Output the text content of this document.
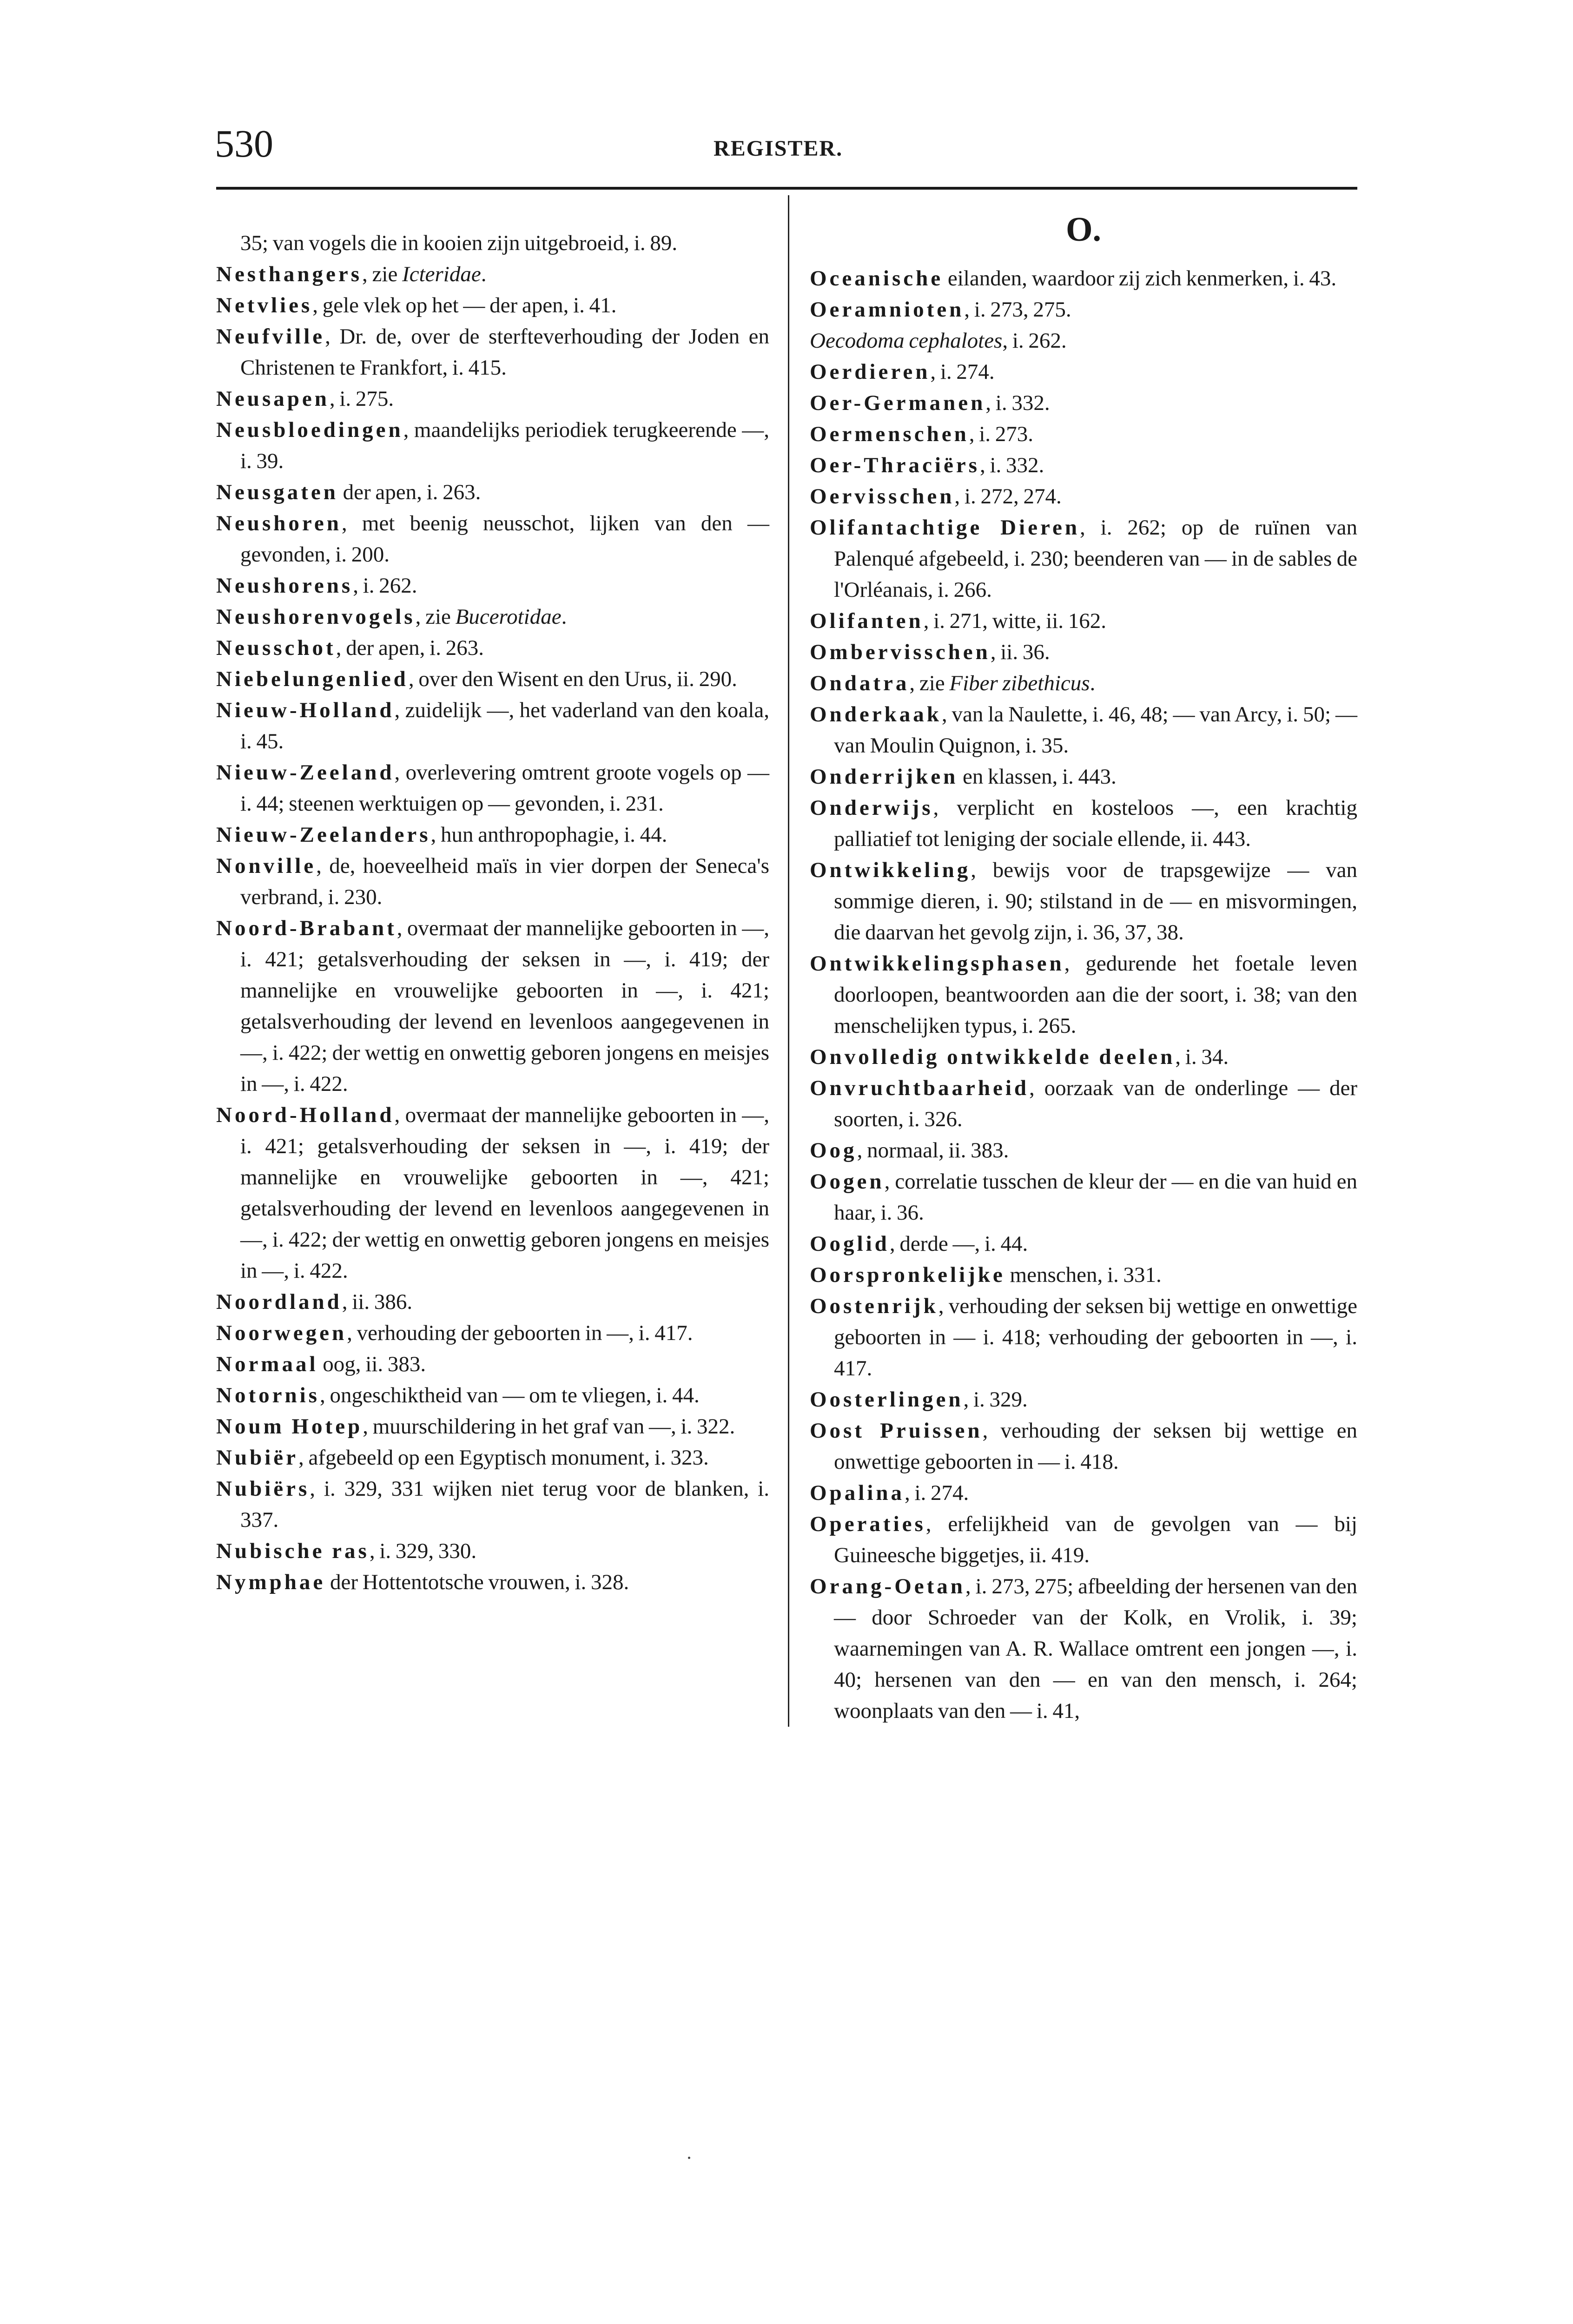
530	REGISTER.

35; van vogels die in kooien zijn uitgebroeid, i. 89.

Nesthangers, zie Icteridae.

Netvlies, gele vlek op het — der apen, i. 41.

Neufville, Dr. de, over de sterfteverhouding der Joden en Christenen te Frankfort, i. 415.

Neusapen, i. 275.

Neusbloedingen, maandelijks periodiek terugkeerende —, i. 39.

Neusgaten der apen, i. 263.

Neushoren, met beenig neusschot, lijken van den — gevonden, i. 200.

Neushorens, i. 262.

Neushorenvogels, zie Bucerotidae.

Neusschot, der apen, i. 263.

Niebelungenlied, over den Wisent en den Urus, ii. 290.

Nieuw-Holland, zuidelijk —, het vaderland van den koala, i. 45.

Nieuw-Zeeland, overlevering omtrent groote vogels op — i. 44; steenen werktuigen op — gevonden, i. 231.

Nieuw-Zeelanders, hun anthropophagie, i. 44.

Nonville, de, hoeveelheid maïs in vier dorpen der Seneca's verbrand, i. 230.

Noord-Brabant, overmaat der mannelijke geboorten in —, i. 421; getalsverhouding der seksen in —, i. 419; der mannelijke en vrouwelijke geboorten in —, i. 421; getalsverhouding der levend en levenloos aangegevenen in —, i. 422; der wettig en onwettig geboren jongens en meisjes in —, i. 422.

Noord-Holland, overmaat der mannelijke geboorten in —, i. 421; getalsverhouding der seksen in —, i. 419; der mannelijke en vrouwelijke geboorten in —, 421; getalsverhouding der levend en levenloos aangegevenen in —, i. 422; der wettig en onwettig geboren jongens en meisjes in —, i. 422.

Noordland, ii. 386.

Noorwegen, verhouding der geboorten in —, i. 417.

Normaal oog, ii. 383.

Notornis, ongeschiktheid van — om te vliegen, i. 44.

Noum Hotep, muurschildering in het graf van —, i. 322.

Nubiër, afgebeeld op een Egyptisch monument, i. 323.

Nubiërs, i. 329, 331 wijken niet terug voor de blanken, i. 337.

Nubische ras, i. 329, 330.

Nymphae der Hottentotsche vrouwen, i. 328.

O.

Oceanische eilanden, waardoor zij zich kenmerken, i. 43.

Oeramnioten, i. 273, 275.

Oecodoma cephalotes, i. 262.

Oerdieren, i. 274.

Oer-Germanen, i. 332.

Oermenschen, i. 273.

Oer-Thraciërs, i. 332.

Oervisschen, i. 272, 274.

Olifantachtige Dieren, i. 262; op de ruïnen van Palenqué afgebeeld, i. 230; beenderen van — in de sables de l'Orléanais, i. 266.

Olifanten, i. 271, witte, ii. 162.

Ombervisschen, ii. 36.

Ondatra, zie Fiber zibethicus.

Onderkaak, van la Naulette, i. 46, 48; — van Arcy, i. 50; — van Moulin Quignon, i. 35.

Onderrijken en klassen, i. 443.

Onderwijs, verplicht en kosteloos —, een krachtig palliatief tot leniging der sociale ellende, ii. 443.

Ontwikkeling, bewijs voor de trapsgewijze — van sommige dieren, i. 90; stilstand in de — en misvormingen, die daarvan het gevolg zijn, i. 36, 37, 38.

Ontwikkelingsphasen, gedurende het foetale leven doorloopen, beantwoorden aan die der soort, i. 38; van den menschelijken typus, i. 265.

Onvolledig ontwikkelde deelen, i. 34.

Onvruchtbaarheid, oorzaak van de onderlinge — der soorten, i. 326.

Oog, normaal, ii. 383.

Oogen, correlatie tusschen de kleur der — en die van huid en haar, i. 36.

Ooglid, derde —, i. 44.

Oorspronkelijke menschen, i. 331.

Oostenrijk, verhouding der seksen bij wettige en onwettige geboorten in — i. 418; verhouding der geboorten in —, i. 417.

Oosterlingen, i. 329.

Oost Pruissen, verhouding der seksen bij wettige en onwettige geboorten in — i. 418.

Opalina, i. 274.

Operaties, erfelijkheid van de gevolgen van — bij Guineesche biggetjes, ii. 419.

Orang-Oetan, i. 273, 275; afbeelding der hersenen van den — door Schroeder van der Kolk, en Vrolik, i. 39; waarnemingen van A. R. Wallace omtrent een jongen —, i. 40; hersenen van den — en van den mensch, i. 264; woonplaats van den — i. 41,
